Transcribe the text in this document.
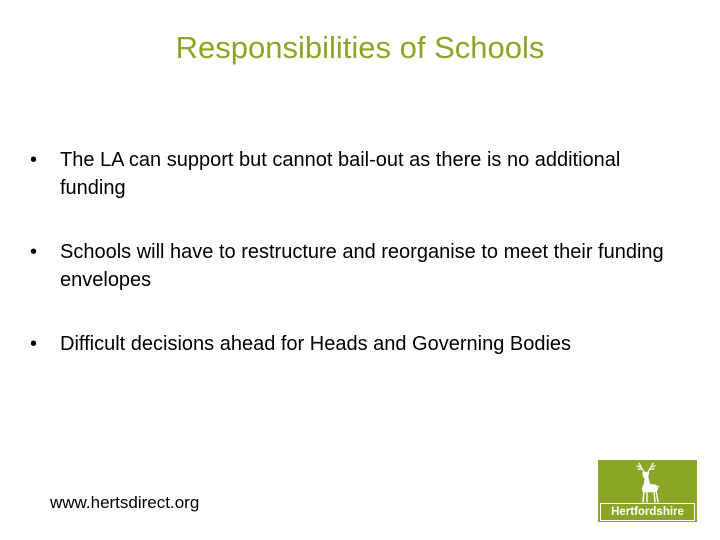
Responsibilities of Schools
• The LA can support but cannot bail-out as there is no additional funding
• Schools will have to restructure and reorganise to meet their funding envelopes
• Difficult decisions ahead for Heads and Governing Bodies
www.hertsdirect.org	Hertfordshire
